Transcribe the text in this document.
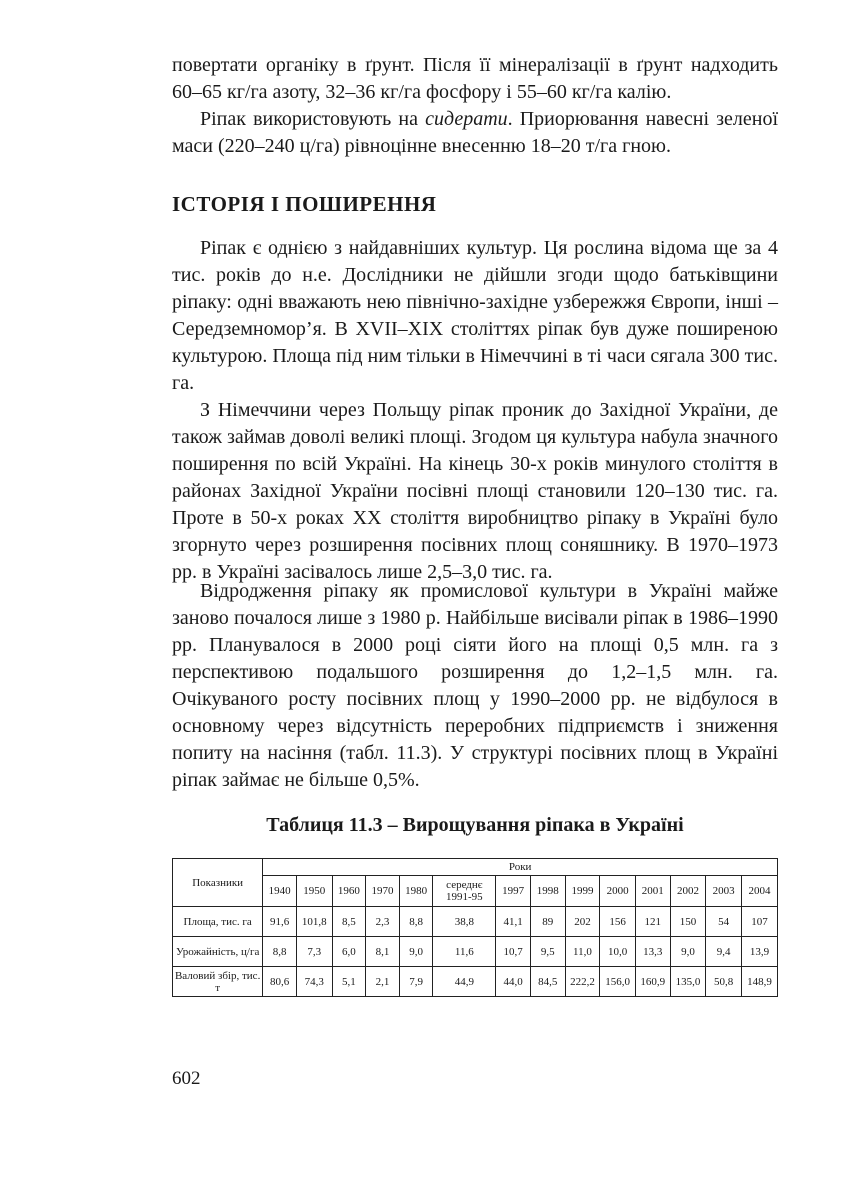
повертати органіку в ґрунт. Після її мінералізації в ґрунт надходить 60–65 кг/га азоту, 32–36 кг/га фосфору і 55–60 кг/га калію.

Ріпак використовують на сидерати. Приорювання навесні зеленої маси (220–240 ц/га) рівноцінне внесенню 18–20 т/га гною.

ІСТОРІЯ І ПОШИРЕННЯ

Ріпак є однією з найдавніших культур. Ця рослина відома ще за 4 тис. років до н.е. Дослідники не дійшли згоди щодо батьківщини ріпаку: одні вважають нею північно-західне узбережжя Європи, інші – Середземномор’я. В XVII–XIX століттях ріпак був дуже поширеною культурою. Площа під ним тільки в Німеччині в ті часи сягала 300 тис. га.

З Німеччини через Польщу ріпак проник до Західної України, де також займав доволі великі площі. Згодом ця культура набула значного поширення по всій Україні. На кінець 30-х років минулого століття в районах Західної України посівні площі становили 120–130 тис. га. Проте в 50-х роках XX століття виробництво ріпаку в Україні було згорнуто через розширення посівних площ соняшнику. В 1970–1973 рр. в Україні засівалось лише 2,5–3,0 тис. га.

Відродження ріпаку як промислової культури в Україні майже заново почалося лише з 1980 р. Найбільше висівали ріпак в 1986–1990 рр. Планувалося в 2000 році сіяти його на площі 0,5 млн. га з перспективою подальшого розширення до 1,2–1,5 млн. га. Очікуваного росту посівних площ у 1990–2000 рр. не відбулося в основному через відсутність переробних підприємств і зниження попиту на насіння (табл. 11.3). У структурі посівних площ в Україні ріпак займає не більше 0,5%.

Таблиця 11.3 – Вирощування ріпака в Україні

Показники	Роки													
	1940	1950	1960	1970	1980	середнє 1991-95	1997	1998	1999	2000	2001	2002	2003	2004
Площа, тис. га	91,6	101,8	8,5	2,3	8,8	38,8	41,1	89	202	156	121	150	54	107
Урожайність, ц/га	8,8	7,3	6,0	8,1	9,0	11,6	10,7	9,5	11,0	10,0	13,3	9,0	9,4	13,9
Валовий збір, тис. т	80,6	74,3	5,1	2,1	7,9	44,9	44,0	84,5	222,2	156,0	160,9	135,0	50,8	148,9
602
